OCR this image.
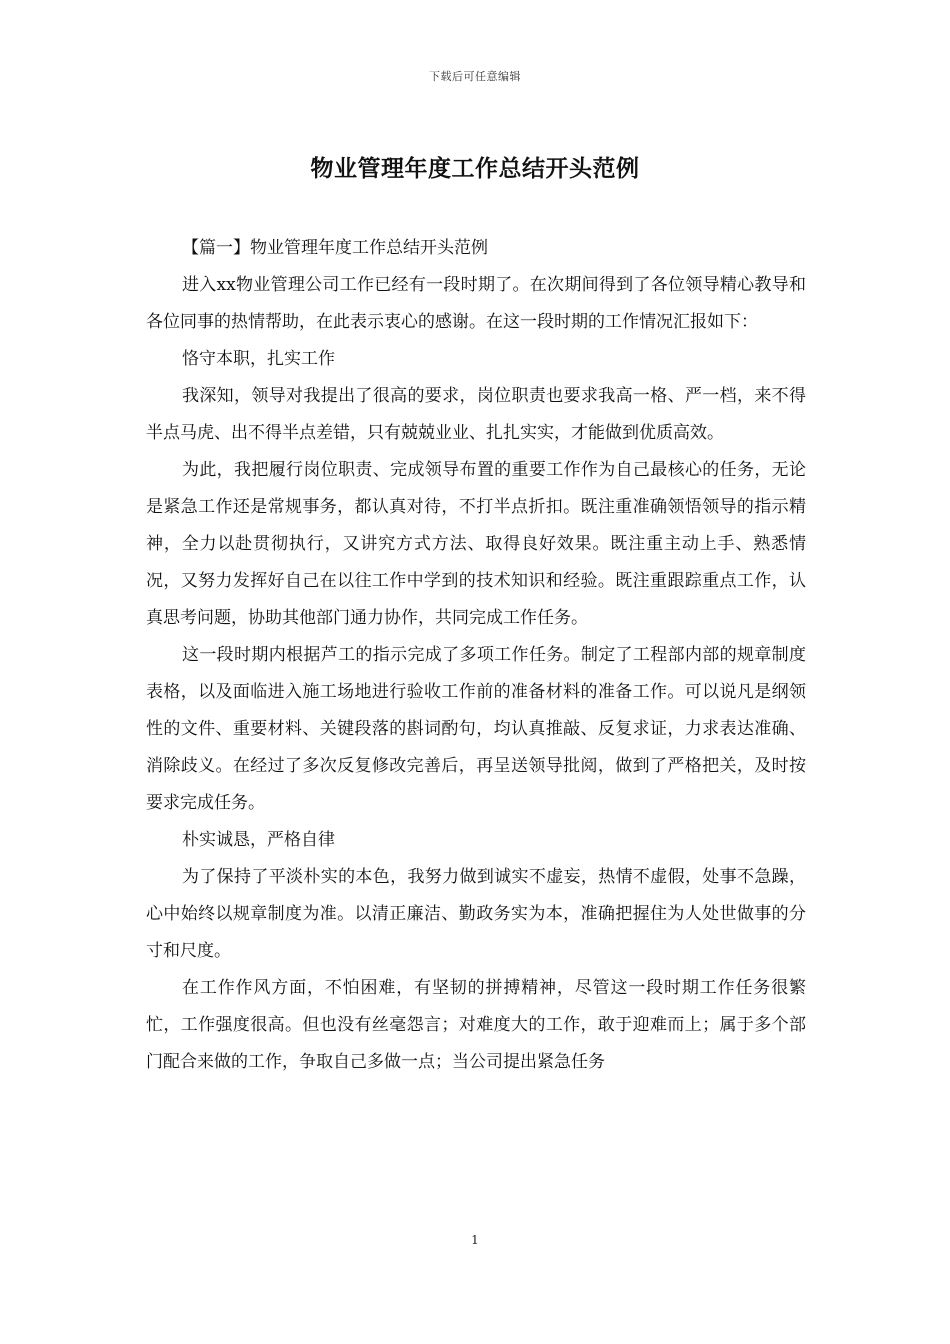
下载后可任意编辑
物业管理年度工作总结开头范例

【篇一】物业管理年度工作总结开头范例

进入xx物业管理公司工作已经有一段时期了。在次期间得到了各位领导精心教导和各位同事的热情帮助，在此表示衷心的感谢。在这一段时期的工作情况汇报如下：

恪守本职，扎实工作

我深知，领导对我提出了很高的要求，岗位职责也要求我高一格、严一档，来不得半点马虎、出不得半点差错，只有兢兢业业、扎扎实实，才能做到优质高效。

为此，我把履行岗位职责、完成领导布置的重要工作作为自己最核心的任务，无论是紧急工作还是常规事务，都认真对待，不打半点折扣。既注重准确领悟领导的指示精神，全力以赴贯彻执行，又讲究方式方法、取得良好效果。既注重主动上手、熟悉情况，又努力发挥好自己在以往工作中学到的技术知识和经验。既注重跟踪重点工作，认真思考问题，协助其他部门通力协作，共同完成工作任务。

这一段时期内根据芦工的指示完成了多项工作任务。制定了工程部内部的规章制度表格，以及面临进入施工场地进行验收工作前的准备材料的准备工作。可以说凡是纲领性的文件、重要材料、关键段落的斟词酌句，均认真推敲、反复求证，力求表达准确、消除歧义。在经过了多次反复修改完善后，再呈送领导批阅，做到了严格把关，及时按要求完成任务。

朴实诚恳，严格自律

为了保持了平淡朴实的本色，我努力做到诚实不虚妄，热情不虚假，处事不急躁，心中始终以规章制度为准。以清正廉洁、勤政务实为本，准确把握住为人处世做事的分寸和尺度。

在工作作风方面，不怕困难，有坚韧的拼搏精神，尽管这一段时期工作任务很繁忙，工作强度很高。但也没有丝毫怨言；对难度大的工作，敢于迎难而上；属于多个部门配合来做的工作，争取自己多做一点；当公司提出紧急任务

1
